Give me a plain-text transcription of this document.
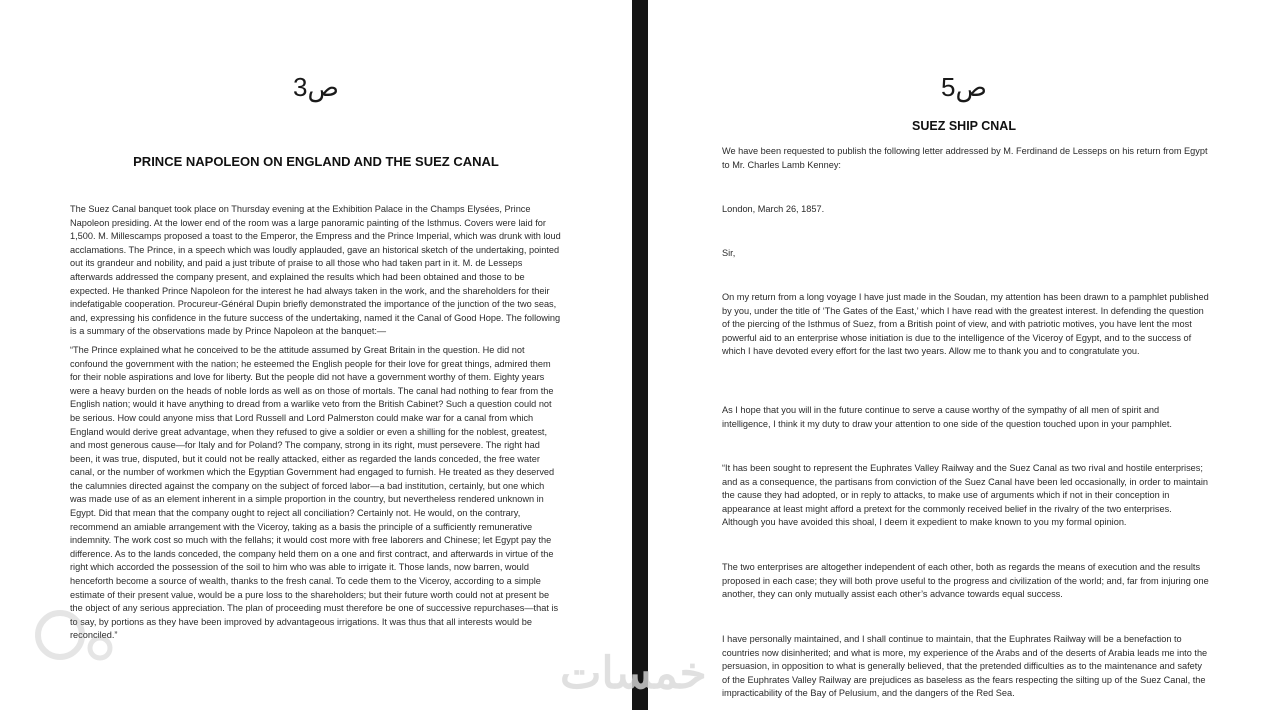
ص3
PRINCE NAPOLEON ON ENGLAND AND THE SUEZ CANAL

The Suez Canal banquet took place on Thursday evening at the Exhibition Palace in the Champs Elysées, Prince Napoleon presiding. At the lower end of the room was a large panoramic painting of the Isthmus. Covers were laid for 1,500. M. Millescamps proposed a toast to the Emperor, the Empress and the Prince Imperial, which was drunk with loud acclamations. The Prince, in a speech which was loudly applauded, gave an historical sketch of the undertaking, pointed out its grandeur and nobility, and paid a just tribute of praise to all those who had taken part in it. M. de Lesseps afterwards addressed the company present, and explained the results which had been obtained and those to be expected. He thanked Prince Napoleon for the interest he had always taken in the work, and the shareholders for their indefatigable cooperation. Procureur-Général Dupin briefly demonstrated the importance of the junction of the two seas, and, expressing his confidence in the future success of the undertaking, named it the Canal of Good Hope. The following is a summary of the observations made by Prince Napoleon at the banquet:—

“The Prince explained what he conceived to be the attitude assumed by Great Britain in the question. He did not confound the government with the nation; he esteemed the English people for their love for great things, admired them for their noble aspirations and love for liberty. But the people did not have a government worthy of them. Eighty years were a heavy burden on the heads of noble lords as well as on those of mortals. The canal had nothing to fear from the English nation; would it have anything to dread from a warlike veto from the British Cabinet? Such a question could not be serious. How could anyone miss that Lord Russell and Lord Palmerston could make war for a canal from which England would derive great advantage, when they refused to give a soldier or even a shilling for the noblest, greatest, and most generous cause—for Italy and for Poland? The company, strong in its right, must persevere. The right had been, it was true, disputed, but it could not be really attacked, either as regarded the lands conceded, the free water canal, or the number of workmen which the Egyptian Government had engaged to furnish. He treated as they deserved the calumnies directed against the company on the subject of forced labor—a bad institution, certainly, but one which was made use of as an element inherent in a simple proportion in the country, but nevertheless rendered unknown in Egypt. Did that mean that the company ought to reject all conciliation? Certainly not. He would, on the contrary, recommend an amiable arrangement with the Viceroy, taking as a basis the principle of a sufficiently remunerative indemnity. The work cost so much with the fellahs; it would cost more with free laborers and Chinese; let Egypt pay the difference. As to the lands conceded, the company held them on a one and first contract, and afterwards in virtue of the right which accorded the possession of the soil to him who was able to irrigate it. Those lands, now barren, would henceforth become a source of wealth, thanks to the fresh canal. To cede them to the Viceroy, according to a simple estimate of their present value, would be a pure loss to the shareholders; but their future worth could not at present be the object of any serious appreciation. The plan of proceeding must therefore be one of successive repurchases—that is to say, by portions as they have been improved by advantageous irrigations. It was thus that all interests would be reconciled.”

ص5
SUEZ SHIP CNAL

We have been requested to publish the following letter addressed by M. Ferdinand de Lesseps on his return from Egypt to Mr. Charles Lamb Kenney:

London, March 26, 1857.

Sir,

On my return from a long voyage I have just made in the Soudan, my attention has been drawn to a pamphlet published by you, under the title of ‘The Gates of the East,’ which I have read with the greatest interest. In defending the question of the piercing of the Isthmus of Suez, from a British point of view, and with patriotic motives, you have lent the most powerful aid to an enterprise whose initiation is due to the intelligence of the Viceroy of Egypt, and to the success of which I have devoted every effort for the last two years. Allow me to thank you and to congratulate you.

As I hope that you will in the future continue to serve a cause worthy of the sympathy of all men of spirit and intelligence, I think it my duty to draw your attention to one side of the question touched upon in your pamphlet.

“It has been sought to represent the Euphrates Valley Railway and the Suez Canal as two rival and hostile enterprises; and as a consequence, the partisans from conviction of the Suez Canal have been led occasionally, in order to maintain the cause they had adopted, or in reply to attacks, to make use of arguments which if not in their conception in appearance at least might afford a pretext for the commonly received belief in the rivalry of the two enterprises. Although you have avoided this shoal, I deem it expedient to make known to you my formal opinion.

The two enterprises are altogether independent of each other, both as regards the means of execution and the results proposed in each case; they will both prove useful to the progress and civilization of the world; and, far from injuring one another, they can only mutually assist each other’s advance towards equal success.

I have personally maintained, and I shall continue to maintain, that the Euphrates Railway will be a benefaction to countries now disinherited; and what is more, my experience of the Arabs and of the deserts of Arabia leads me into the persuasion, in opposition to what is generally believed, that the pretended difficulties as to the maintenance and safety of the Euphrates Valley Railway are prejudices as baseless as the fears respecting the silting up of the Suez Canal, the impracticability of the Bay of Pelusium, and the dangers of the Red Sea.

خمسات
